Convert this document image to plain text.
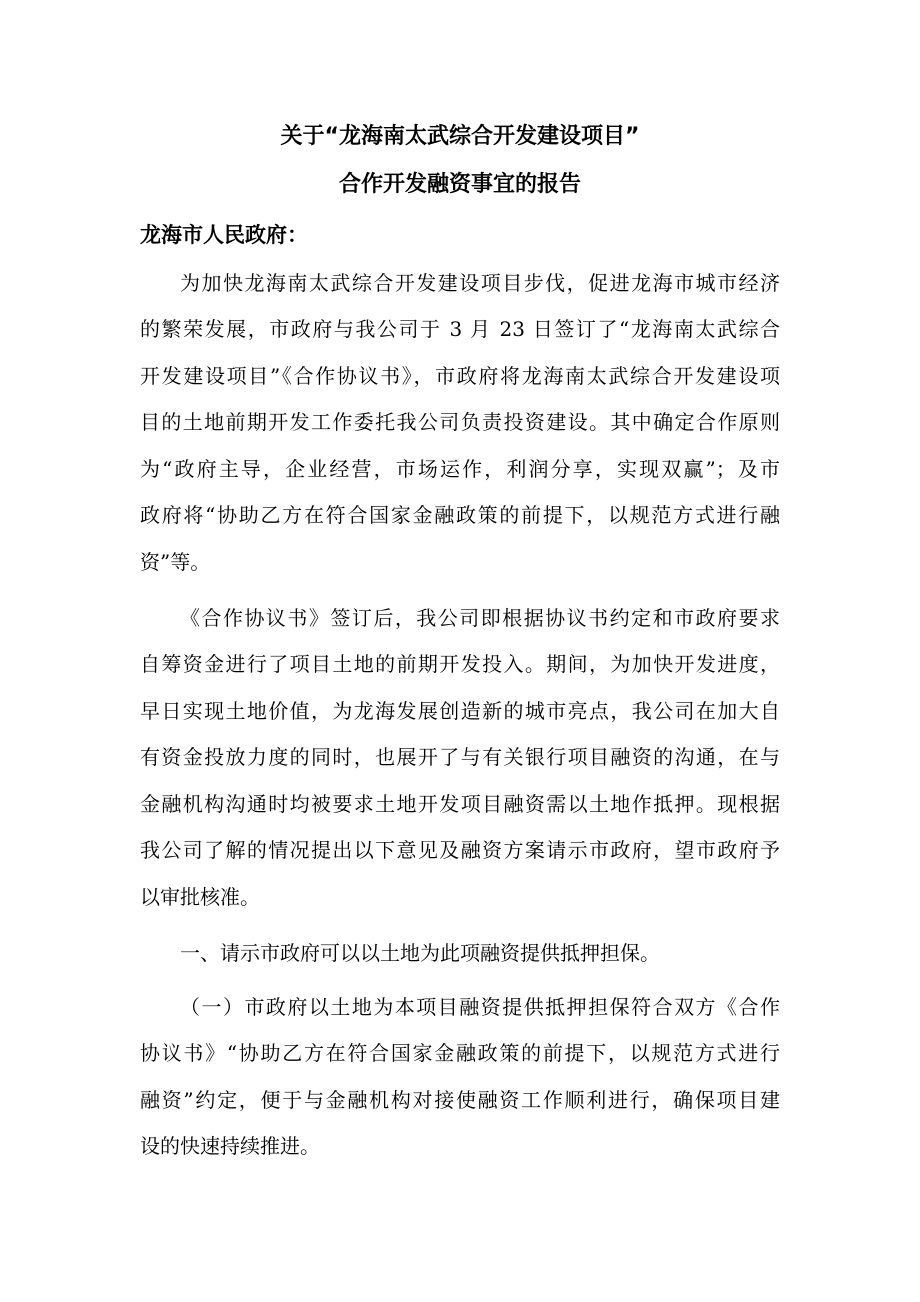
关于“龙海南太武综合开发建设项目”
合作开发融资事宜的报告
龙海市人民政府：
为加快龙海南太武综合开发建设项目步伐，促进龙海市城市经济
的繁荣发展，市政府与我公司于 3 月 23 日签订了“龙海南太武综合
开发建设项目”《合作协议书》，市政府将龙海南太武综合开发建设项
目的土地前期开发工作委托我公司负责投资建设。其中确定合作原则
为“政府主导，企业经营，市场运作，利润分享，实现双赢”；及市
政府将“协助乙方在符合国家金融政策的前提下，以规范方式进行融
资”等。
《合作协议书》签订后，我公司即根据协议书约定和市政府要求
自筹资金进行了项目土地的前期开发投入。期间，为加快开发进度，
早日实现土地价值，为龙海发展创造新的城市亮点，我公司在加大自
有资金投放力度的同时，也展开了与有关银行项目融资的沟通，在与
金融机构沟通时均被要求土地开发项目融资需以土地作抵押。现根据
我公司了解的情况提出以下意见及融资方案请示市政府，望市政府予
以审批核准。
一、请示市政府可以以土地为此项融资提供抵押担保。
（一）市政府以土地为本项目融资提供抵押担保符合双方《合作
协议书》“协助乙方在符合国家金融政策的前提下，以规范方式进行
融资”约定，便于与金融机构对接使融资工作顺利进行，确保项目建
设的快速持续推进。
